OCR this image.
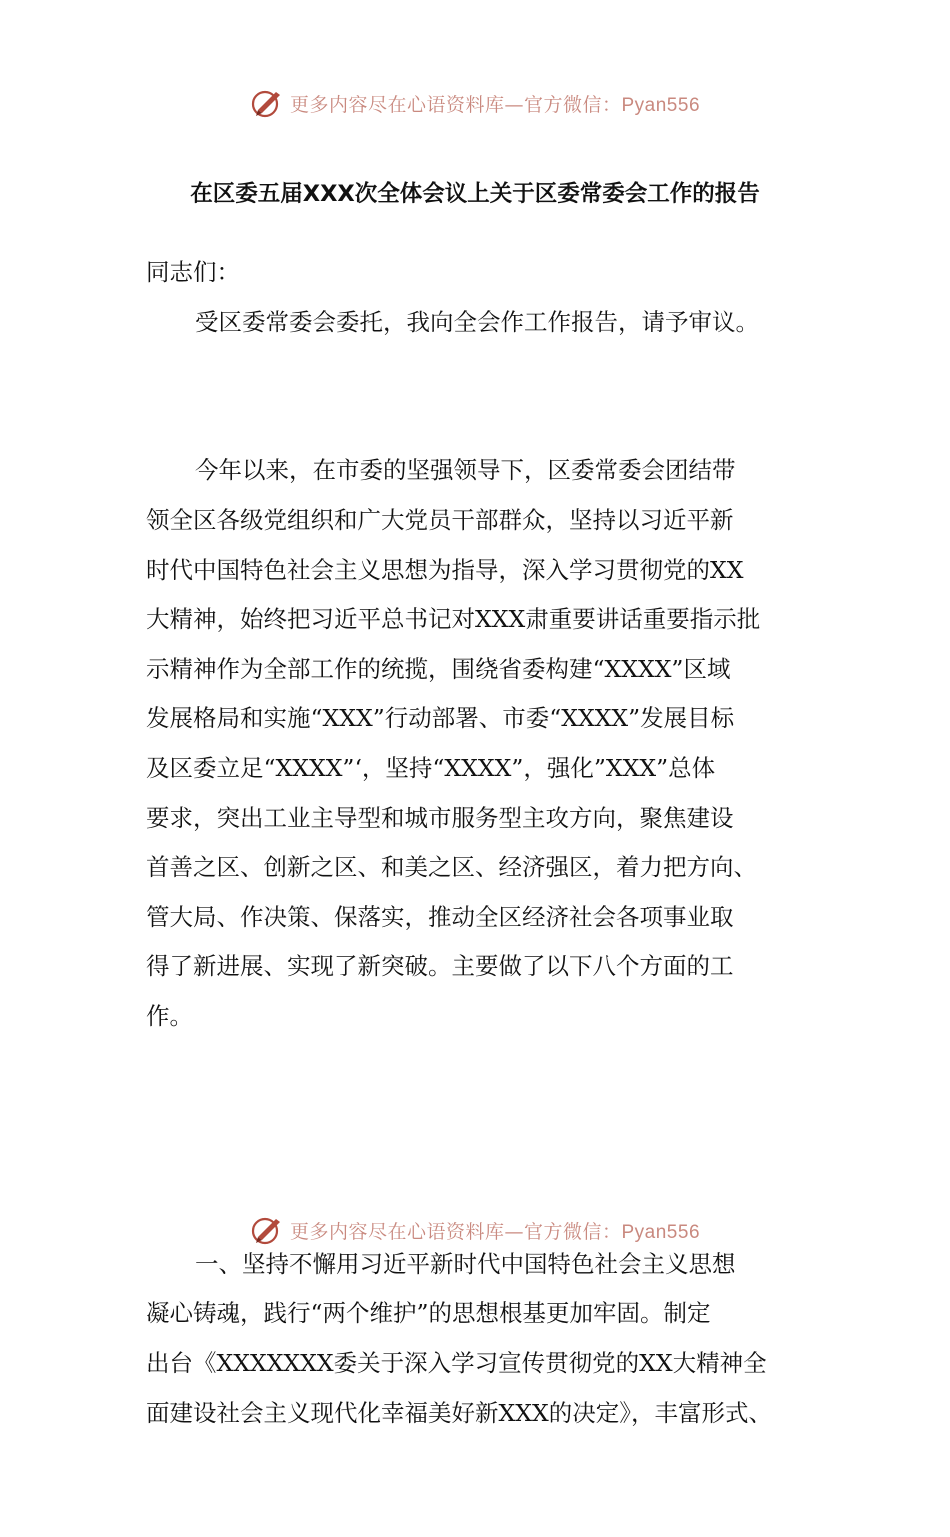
更多内容尽在心语资料库—官方微信：Pyan556
在区委五届XXX次全体会议上关于区委常委会工作的报告

同志们：

受区委常委会委托，我向全会作工作报告，请予审议。

今年以来，在市委的坚强领导下，区委常委会团结带
领全区各级党组织和广大党员干部群众，坚持以习近平新
时代中国特色社会主义思想为指导，深入学习贯彻党的XX
大精神，始终把习近平总书记对XXX肃重要讲话重要指示批
示精神作为全部工作的统揽，围绕省委构建“XXXX”区域
发展格局和实施“XXX”行动部署、市委“XXXX”发展目标
及区委立足“XXXX”‘，坚持“XXXX”，强化”XXX”总体
要求，突出工业主导型和城市服务型主攻方向，聚焦建设
首善之区、创新之区、和美之区、经济强区，着力把方向、
管大局、作决策、保落实，推动全区经济社会各项事业取
得了新进展、实现了新突破。主要做了以下八个方面的工
作。

一、坚持不懈用习近平新时代中国特色社会主义思想
凝心铸魂，践行“两个维护”的思想根基更加牢固。制定
出台《XXXXXXX委关于深入学习宣传贯彻党的XX大精神全
面建设社会主义现代化幸福美好新XXX的决定》，丰富形式、

更多内容尽在心语资料库—官方微信：Pyan556
